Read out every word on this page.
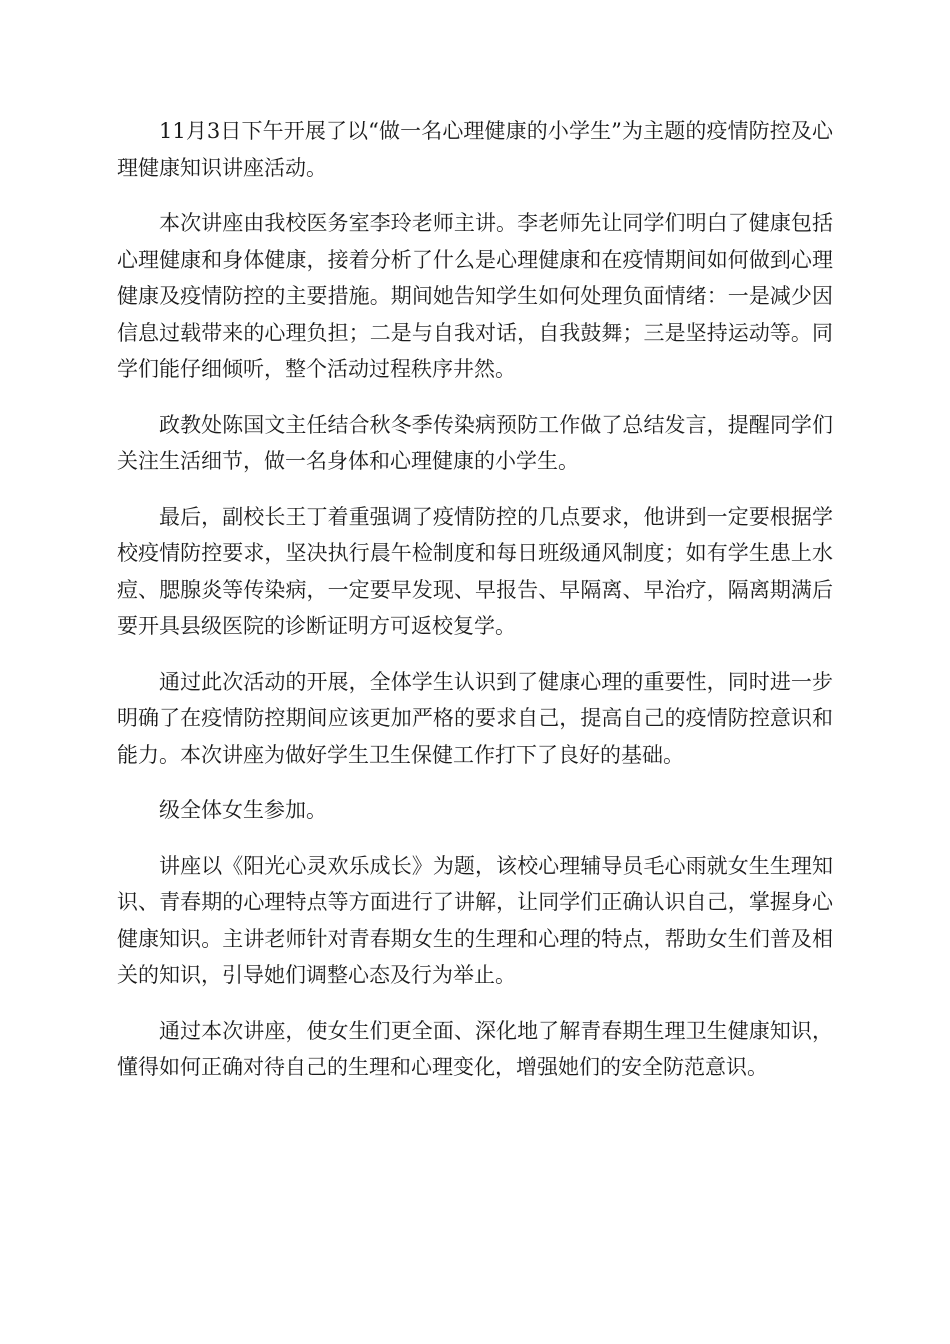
11月3日下午开展了以“做一名心理健康的小学生”为主题的疫情防控及心理健康知识讲座活动。

本次讲座由我校医务室李玲老师主讲。李老师先让同学们明白了健康包括心理健康和身体健康，接着分析了什么是心理健康和在疫情期间如何做到心理健康及疫情防控的主要措施。期间她告知学生如何处理负面情绪：一是减少因信息过载带来的心理负担；二是与自我对话，自我鼓舞；三是坚持运动等。同学们能仔细倾听，整个活动过程秩序井然。

政教处陈国文主任结合秋冬季传染病预防工作做了总结发言，提醒同学们关注生活细节，做一名身体和心理健康的小学生。

最后，副校长王丁着重强调了疫情防控的几点要求，他讲到一定要根据学校疫情防控要求，坚决执行晨午检制度和每日班级通风制度；如有学生患上水痘、腮腺炎等传染病，一定要早发现、早报告、早隔离、早治疗，隔离期满后要开具县级医院的诊断证明方可返校复学。

通过此次活动的开展，全体学生认识到了健康心理的重要性，同时进一步明确了在疫情防控期间应该更加严格的要求自己，提高自己的疫情防控意识和能力。本次讲座为做好学生卫生保健工作打下了良好的基础。

级全体女生参加。

讲座以《阳光心灵欢乐成长》为题，该校心理辅导员毛心雨就女生生理知识、青春期的心理特点等方面进行了讲解，让同学们正确认识自己，掌握身心健康知识。主讲老师针对青春期女生的生理和心理的特点，帮助女生们普及相关的知识，引导她们调整心态及行为举止。

通过本次讲座，使女生们更全面、深化地了解青春期生理卫生健康知识，懂得如何正确对待自己的生理和心理变化，增强她们的安全防范意识。
